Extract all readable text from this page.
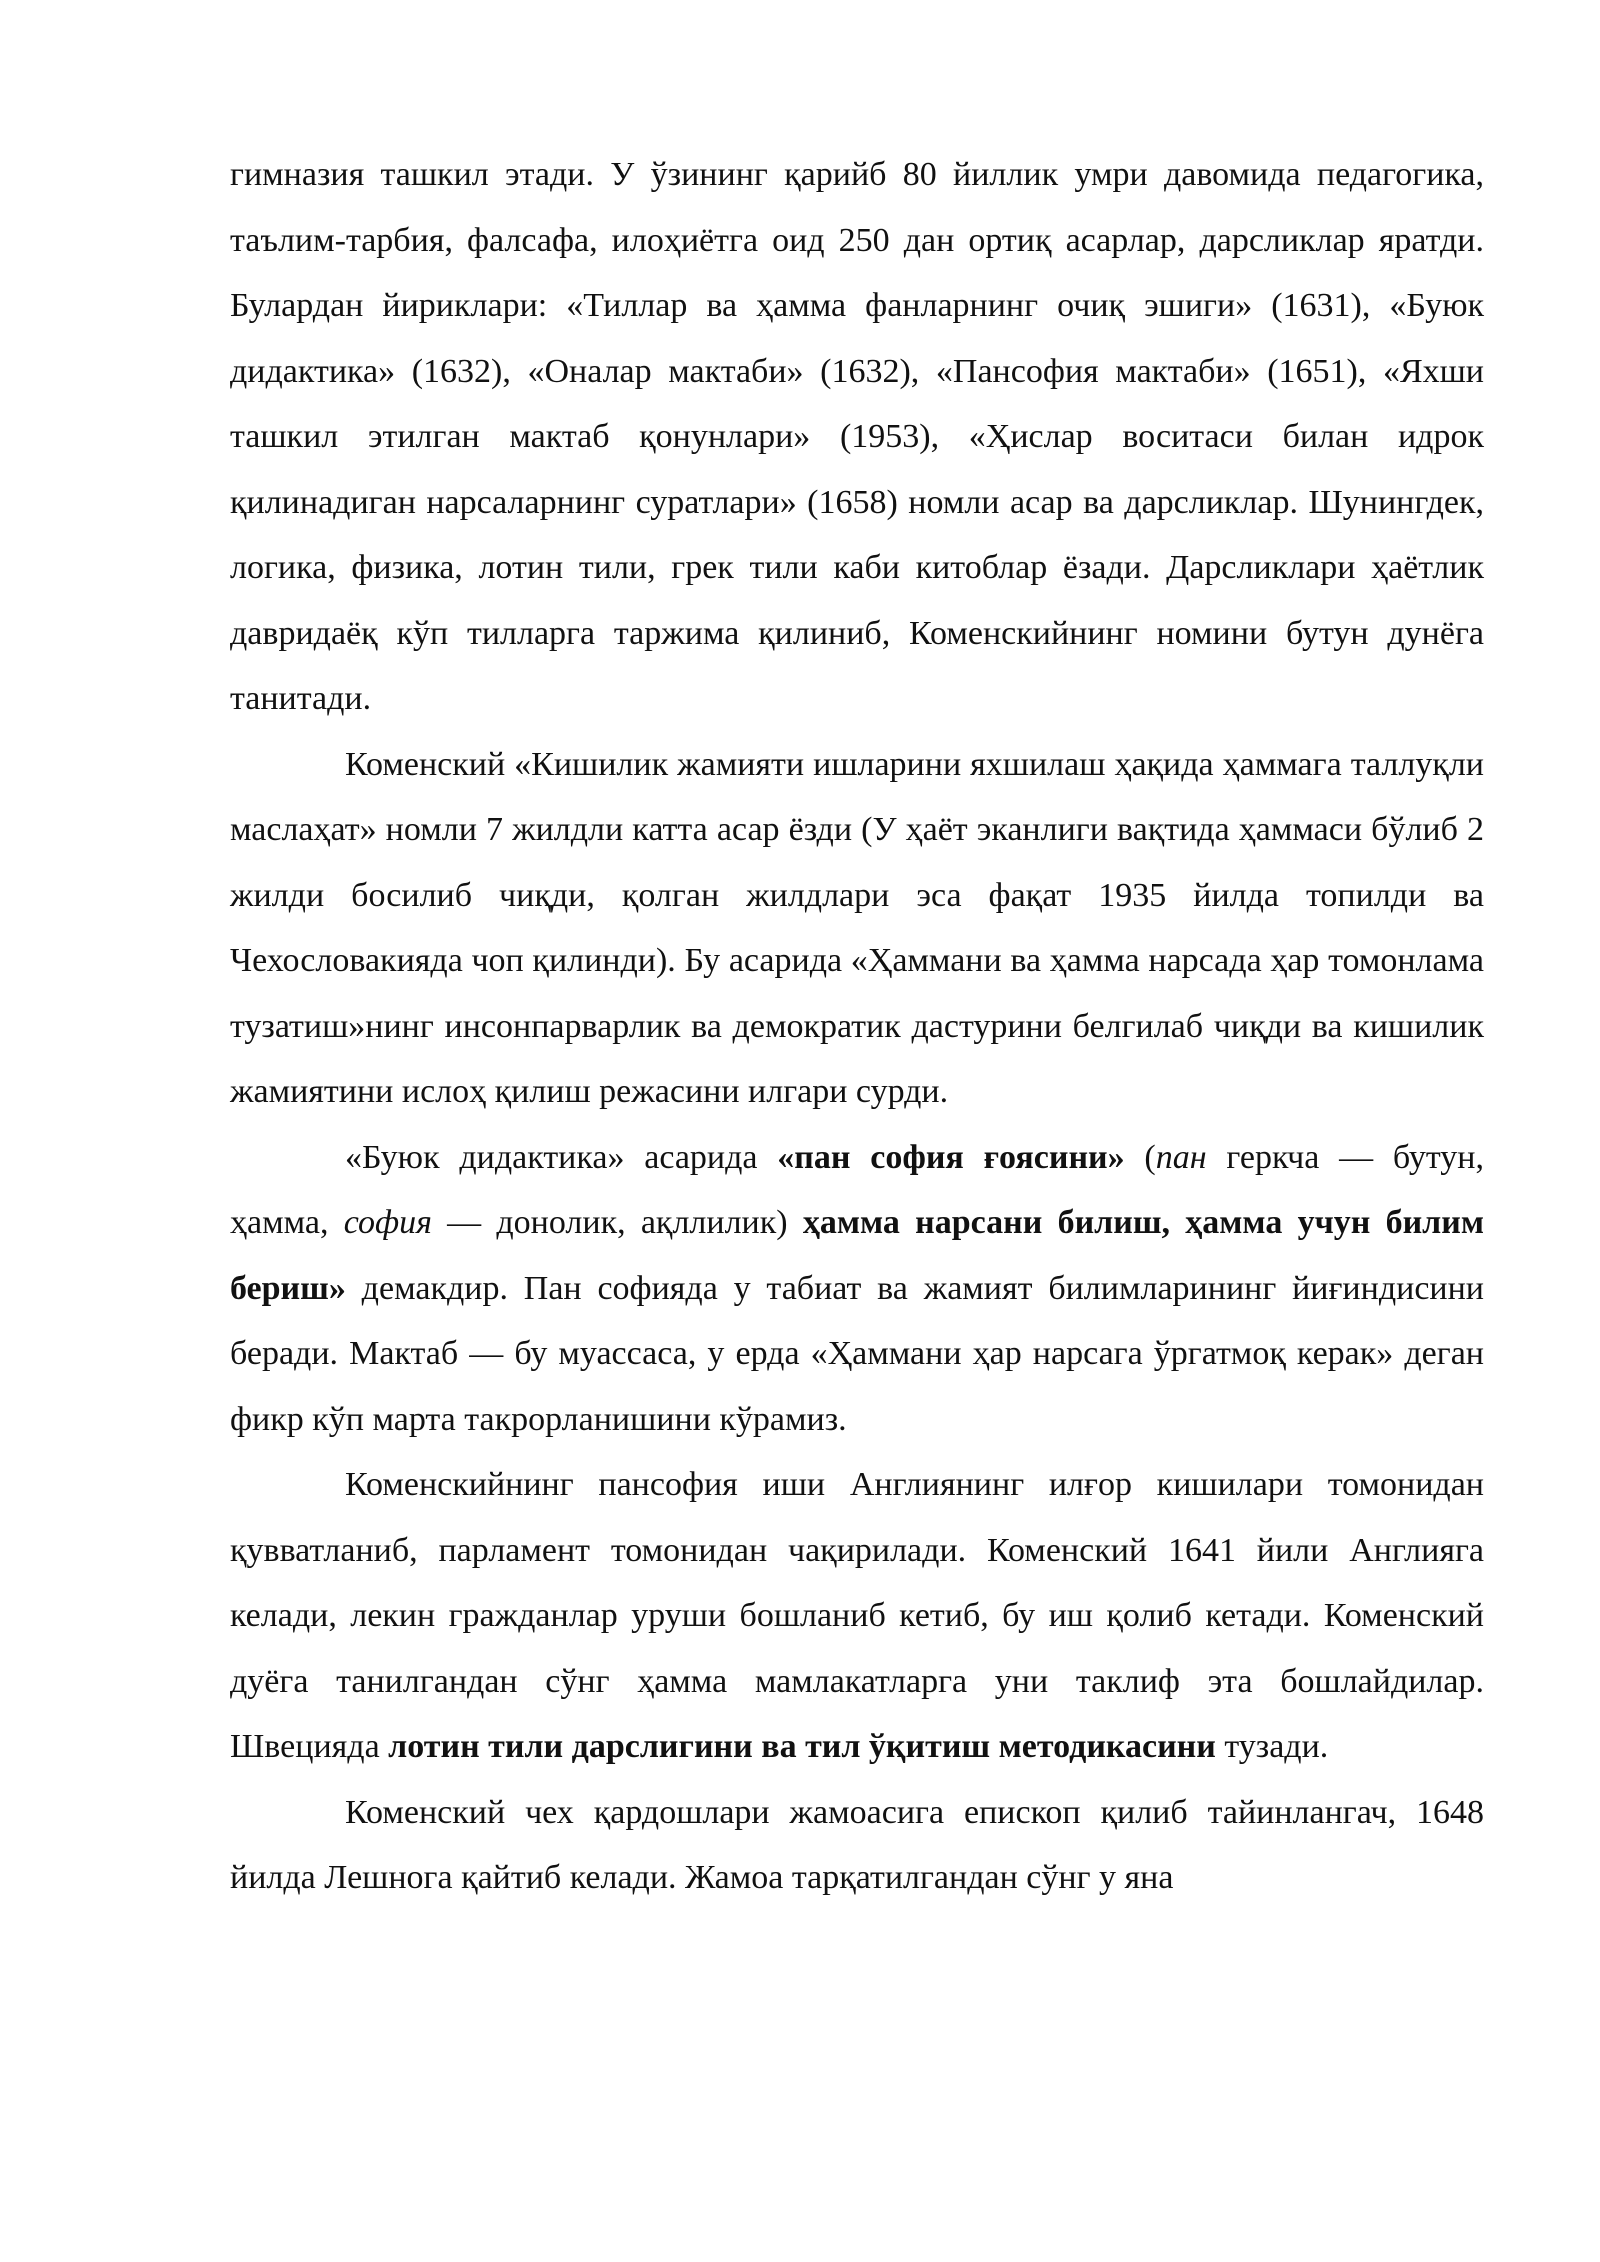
гимназия ташкил этади. У ўзининг қарийб 80 йиллик умри давомида педагогика, таълим-тарбия, фалсафа, илоҳиётга оид 250 дан ортиқ асарлар, дарсликлар яратди. Булардан йириклари: «Тиллар ва ҳамма фанларнинг очиқ эшиги» (1631), «Буюк дидактика» (1632), «Оналар мактаби» (1632), «Пансофия мактаби» (1651), «Яхши ташкил этилган мактаб қонунлари» (1953), «Ҳислар воситаси билан идрок қилинадиган нарсаларнинг суратлари» (1658) номли асар ва дарсликлар. Шунингдек, логика, физика, лотин тили, грек тили каби китоблар ёзади. Дарсликлари ҳаётлик давридаёқ кўп тилларга таржима қилиниб, Коменскийнинг номини бутун дунёга танитади.

Коменский «Кишилик жамияти ишларини яхшилаш ҳақида ҳаммага таллуқли маслаҳат» номли 7 жилдли катта асар ёзди (У ҳаёт эканлиги вақтида ҳаммаси бўлиб 2 жилди босилиб чиқди, қолган жилдлари эса фақат 1935 йилда топилди ва Чехословакияда чоп қилинди). Бу асарида «Ҳаммани ва ҳамма нарсада ҳар томонлама тузатиш»нинг инсонпарварлик ва демократик дастурини белгилаб чиқди ва кишилик жамиятини ислоҳ қилиш режасини илгари сурди.

«Буюк дидактика» асарида «пан софия ғоясини» (пан геркча — бутун, ҳамма, софия — донолик, ақллилик) ҳамма нарсани билиш, ҳамма учун билим бериш» демакдир. Пан софияда у табиат ва жамият билимларининг йиғиндисини беради. Мактаб — бу муассаса, у ерда «Ҳаммани ҳар нарсага ўргатмоқ керак» деган фикр кўп марта такрорланишини кўрамиз.

Коменскийнинг пансофия иши Англиянинг илғор кишилари томонидан қувватланиб, парламент томонидан чақирилади. Коменский 1641 йили Англияга келади, лекин гражданлар уруши бошланиб кетиб, бу иш қолиб кетади. Коменский дуёга танилгандан сўнг ҳамма мамлакатларга уни таклиф эта бошлайдилар. Швецияда лотин тили дарслигини ва тил ўқитиш методикасини тузади.

Коменский чех қардошлари жамоасига епископ қилиб тайинлангач, 1648 йилда Лешнога қайтиб келади. Жамоа тарқатилгандан сўнг у яна
